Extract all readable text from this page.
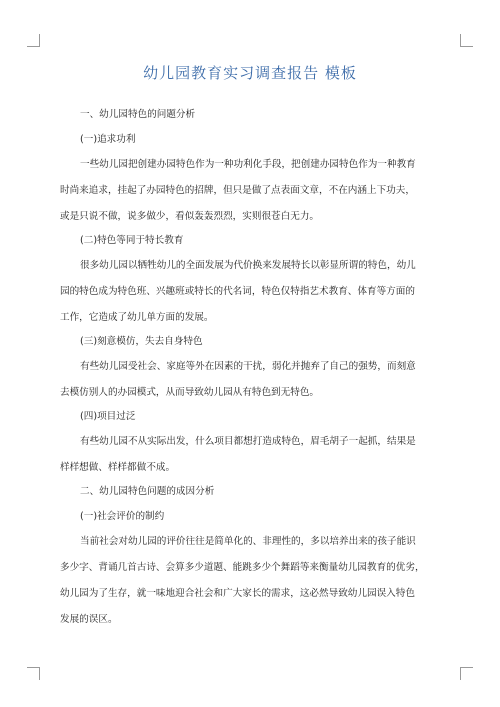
幼儿园教育实习调查报告 模板
一、幼儿园特色的问题分析
(一)追求功利
一些幼儿园把创建办园特色作为一种功利化手段，把创建办园特色作为一种教育
时尚来追求，挂起了办园特色的招牌，但只是做了点表面文章，不在内涵上下功夫，
或是只说不做，说多做少，看似轰轰烈烈，实则很苍白无力。
(二)特色等同于特长教育
很多幼儿园以牺牲幼儿的全面发展为代价换来发展特长以彰显所谓的特色，幼儿
园的特色成为特色班、兴趣班或特长的代名词，特色仅特指艺术教育、体育等方面的
工作，它造成了幼儿单方面的发展。
(三)刻意模仿，失去自身特色
有些幼儿园受社会、家庭等外在因素的干扰，弱化并抛弃了自己的强势，而刻意
去模仿别人的办园模式，从而导致幼儿园从有特色到无特色。
(四)项目过泛
有些幼儿园不从实际出发，什么项目都想打造成特色，眉毛胡子一起抓，结果是
样样想做、样样都做不成。
二、幼儿园特色问题的成因分析
(一)社会评价的制约
当前社会对幼儿园的评价往往是简单化的、非理性的，多以培养出来的孩子能识
多少字、背诵几首古诗、会算多少道题、能跳多少个舞蹈等来衡量幼儿园教育的优劣，
幼儿园为了生存，就一味地迎合社会和广大家长的需求，这必然导致幼儿园误入特色
发展的误区。
